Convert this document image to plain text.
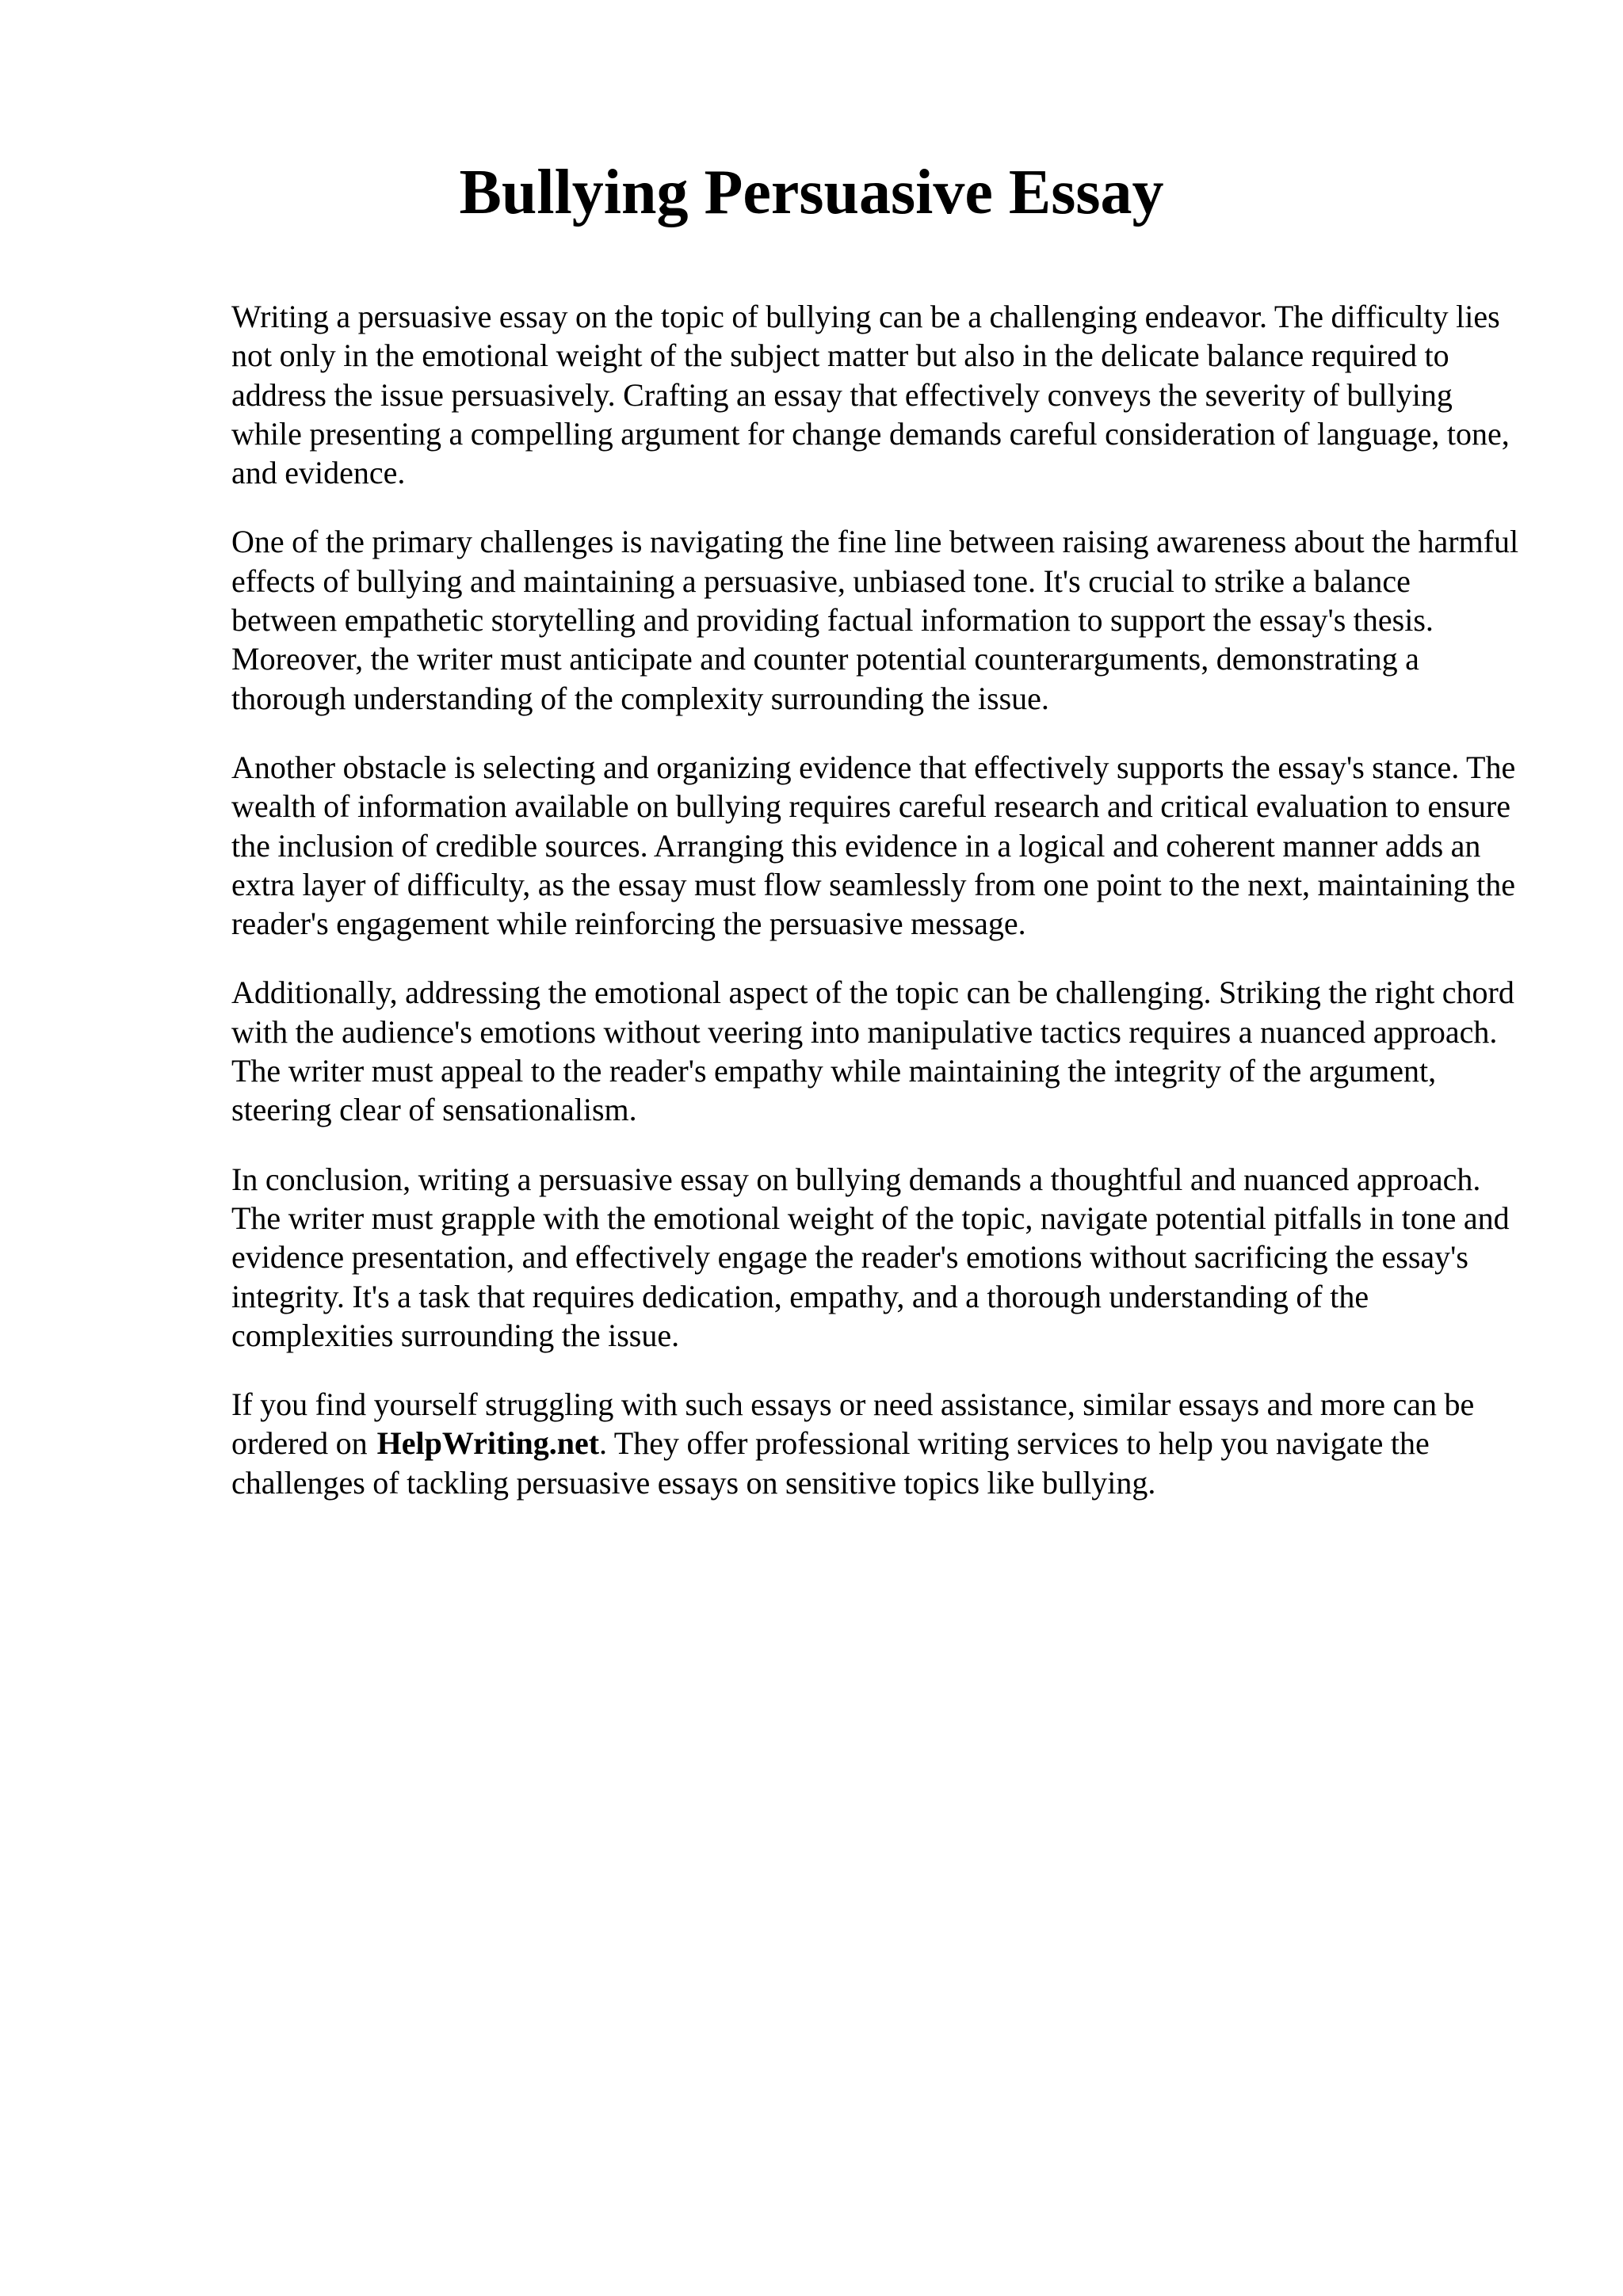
Bullying Persuasive Essay

Writing a persuasive essay on the topic of bullying can be a challenging endeavor. The difficulty lies not only in the emotional weight of the subject matter but also in the delicate balance required to address the issue persuasively. Crafting an essay that effectively conveys the severity of bullying while presenting a compelling argument for change demands careful consideration of language, tone, and evidence.

One of the primary challenges is navigating the fine line between raising awareness about the harmful effects of bullying and maintaining a persuasive, unbiased tone. It's crucial to strike a balance between empathetic storytelling and providing factual information to support the essay's thesis. Moreover, the writer must anticipate and counter potential counterarguments, demonstrating a thorough understanding of the complexity surrounding the issue.

Another obstacle is selecting and organizing evidence that effectively supports the essay's stance. The wealth of information available on bullying requires careful research and critical evaluation to ensure the inclusion of credible sources. Arranging this evidence in a logical and coherent manner adds an extra layer of difficulty, as the essay must flow seamlessly from one point to the next, maintaining the reader's engagement while reinforcing the persuasive message.

Additionally, addressing the emotional aspect of the topic can be challenging. Striking the right chord with the audience's emotions without veering into manipulative tactics requires a nuanced approach. The writer must appeal to the reader's empathy while maintaining the integrity of the argument, steering clear of sensationalism.

In conclusion, writing a persuasive essay on bullying demands a thoughtful and nuanced approach. The writer must grapple with the emotional weight of the topic, navigate potential pitfalls in tone and evidence presentation, and effectively engage the reader's emotions without sacrificing the essay's integrity. It's a task that requires dedication, empathy, and a thorough understanding of the complexities surrounding the issue.

If you find yourself struggling with such essays or need assistance, similar essays and more can be ordered on HelpWriting.net. They offer professional writing services to help you navigate the challenges of tackling persuasive essays on sensitive topics like bullying.
